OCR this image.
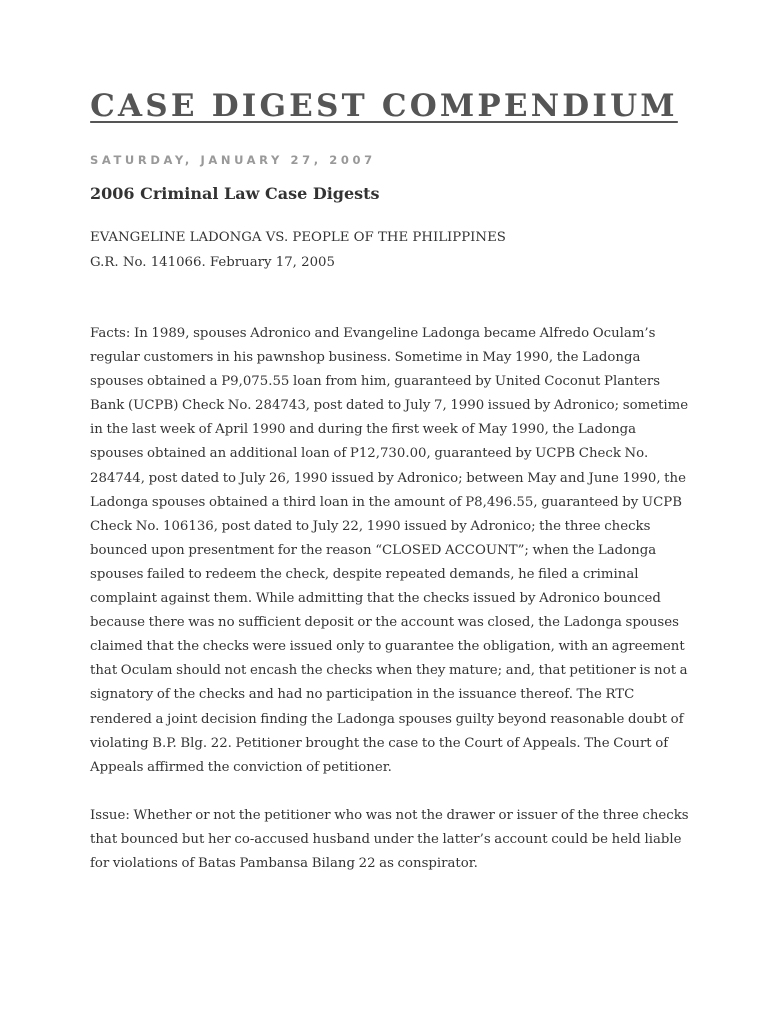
CASE DIGEST COMPENDIUM
SATURDAY, JANUARY 27, 2007
2006 Criminal Law Case Digests
EVANGELINE LADONGA VS. PEOPLE OF THE PHILIPPINES
G.R. No. 141066. February 17, 2005

Facts: In 1989, spouses Adronico and Evangeline Ladonga became Alfredo Oculam’s regular customers in his pawnshop business. Sometime in May 1990, the Ladonga spouses obtained a P9,075.55 loan from him, guaranteed by United Coconut Planters Bank (UCPB) Check No. 284743, post dated to July 7, 1990 issued by Adronico; sometime in the last week of April 1990 and during the first week of May 1990, the Ladonga spouses obtained an additional loan of P12,730.00, guaranteed by UCPB Check No. 284744, post dated to July 26, 1990 issued by Adronico; between May and June 1990, the Ladonga spouses obtained a third loan in the amount of P8,496.55, guaranteed by UCPB Check No. 106136, post dated to July 22, 1990 issued by Adronico; the three checks bounced upon presentment for the reason “CLOSED ACCOUNT”; when the Ladonga spouses failed to redeem the check, despite repeated demands, he filed a criminal complaint against them. While admitting that the checks issued by Adronico bounced because there was no sufficient deposit or the account was closed, the Ladonga spouses claimed that the checks were issued only to guarantee the obligation, with an agreement that Oculam should not encash the checks when they mature; and, that petitioner is not a signatory of the checks and had no participation in the issuance thereof. The RTC rendered a joint decision finding the Ladonga spouses guilty beyond reasonable doubt of violating B.P. Blg. 22. Petitioner brought the case to the Court of Appeals. The Court of Appeals affirmed the conviction of petitioner.

Issue: Whether or not the petitioner who was not the drawer or issuer of the three checks that bounced but her co-accused husband under the latter’s account could be held liable for violations of Batas Pambansa Bilang 22 as conspirator.
